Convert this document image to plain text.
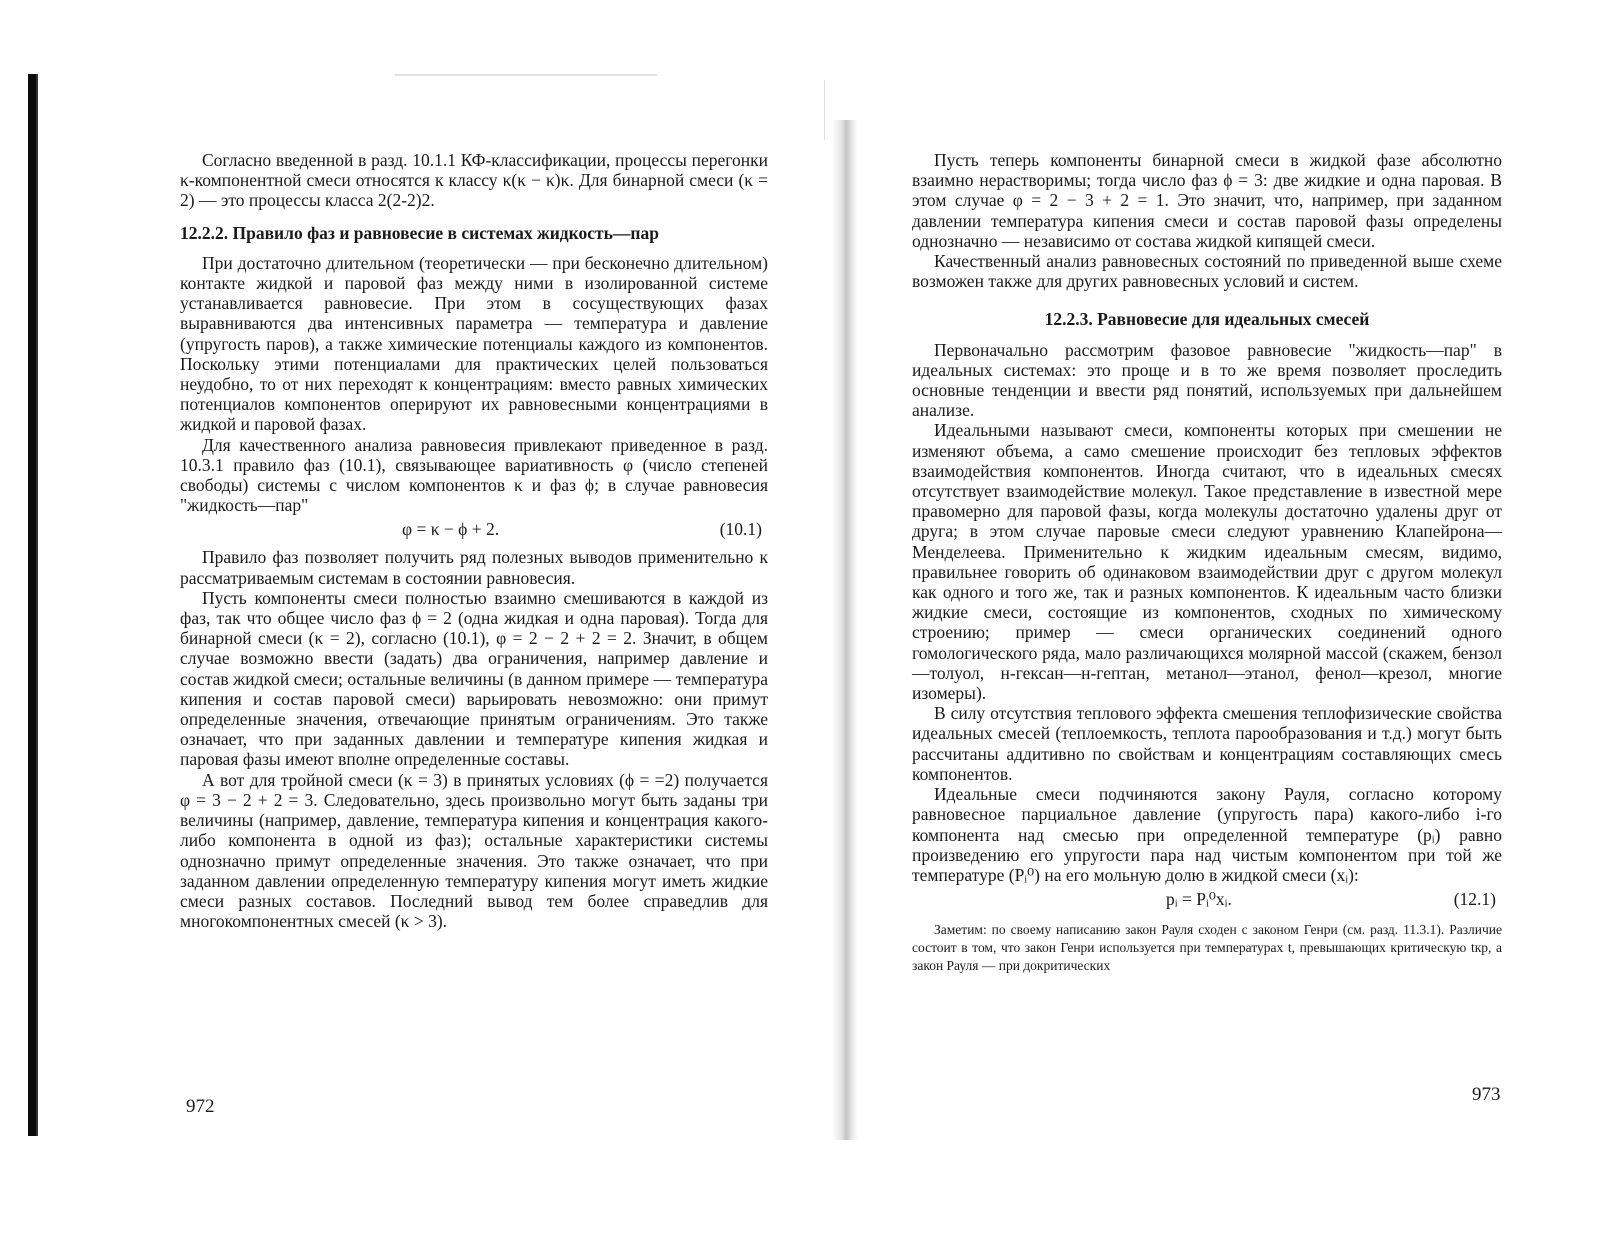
Согласно введенной в разд. 10.1.1 КФ-классификации, процессы перегонки κ-компонентной смеси относятся к классу κ(κ − κ)κ. Для бинарной смеси (κ = 2) — это процессы класса 2(2-2)2.

12.2.2. Правило фаз и равновесие в системах жидкость—пар

При достаточно длительном (теоретически — при бесконечно длительном) контакте жидкой и паровой фаз между ними в изолированной системе устанавливается равновесие. При этом в сосуществующих фазах выравниваются два интенсивных параметра — температура и давление (упругость паров), а также химические потенциалы каждого из компонентов. Поскольку этими потенциалами для практических целей пользоваться неудобно, то от них переходят к концентрациям: вместо равных химических потенциалов компонентов оперируют их равновесными концентрациями в жидкой и паровой фазах.

Для качественного анализа равновесия привлекают приведенное в разд. 10.3.1 правило фаз (10.1), связывающее вариативность φ (число степеней свободы) системы с числом компонентов κ и фаз ϕ; в случае равновесия "жидкость—пар"

φ = κ − ϕ + 2.	(10.1)

Правило фаз позволяет получить ряд полезных выводов применительно к рассматриваемым системам в состоянии равновесия.

Пусть компоненты смеси полностью взаимно смешиваются в каждой из фаз, так что общее число фаз ϕ = 2 (одна жидкая и одна паровая). Тогда для бинарной смеси (κ = 2), согласно (10.1), φ = 2 − 2 + 2 = 2. Значит, в общем случае возможно ввести (задать) два ограничения, например давление и состав жидкой смеси; остальные величины (в данном примере — температура кипения и состав паровой смеси) варьировать невозможно: они примут определенные значения, отвечающие принятым ограничениям. Это также означает, что при заданных давлении и температуре кипения жидкая и паровая фазы имеют вполне определенные составы.

А вот для тройной смеси (κ = 3) в принятых условиях (ϕ = =2) получается φ = 3 − 2 + 2 = 3. Следовательно, здесь произвольно могут быть заданы три величины (например, давление, температура кипения и концентрация какого-либо компонента в одной из фаз); остальные характеристики системы однозначно примут определенные значения. Это также означает, что при заданном давлении определенную температуру кипения могут иметь жидкие смеси разных составов. Последний вывод тем более справедлив для многокомпонентных смесей (κ > 3).

972

Пусть теперь компоненты бинарной смеси в жидкой фазе абсолютно взаимно нерастворимы; тогда число фаз ϕ = 3: две жидкие и одна паровая. В этом случае φ = 2 − 3 + 2 = 1. Это значит, что, например, при заданном давлении температура кипения смеси и состав паровой фазы определены однозначно — независимо от состава жидкой кипящей смеси.

Качественный анализ равновесных состояний по приведенной выше схеме возможен также для других равновесных условий и систем.

12.2.3. Равновесие для идеальных смесей

Первоначально рассмотрим фазовое равновесие "жидкость—пар" в идеальных системах: это проще и в то же время позволяет проследить основные тенденции и ввести ряд понятий, используемых при дальнейшем анализе.

Идеальными называют смеси, компоненты которых при смешении не изменяют объема, а само смешение происходит без тепловых эффектов взаимодействия компонентов. Иногда считают, что в идеальных смесях отсутствует взаимодействие молекул. Такое представление в известной мере правомерно для паровой фазы, когда молекулы достаточно удалены друг от друга; в этом случае паровые смеси следуют уравнению Клапейрона—Менделеева. Применительно к жидким идеальным смесям, видимо, правильнее говорить об одинаковом взаимодействии друг с другом молекул как одного и того же, так и разных компонентов. К идеальным часто близки жидкие смеси, состоящие из компонентов, сходных по химическому строению; пример — смеси органических соединений одного гомологического ряда, мало различающихся молярной массой (скажем, бензол—толуол, н-гексан—н-гептан, метанол—этанол, фенол—крезол, многие изомеры).

В силу отсутствия теплового эффекта смешения теплофизические свойства идеальных смесей (теплоемкость, теплота парообразования и т.д.) могут быть рассчитаны аддитивно по свойствам и концентрациям составляющих смесь компонентов.

Идеальные смеси подчиняются закону Рауля, согласно которому равновесное парциальное давление (упругость пара) какого-либо i-го компонента над смесью при определенной температуре (pᵢ) равно произведению его упругости пара над чистым компонентом при той же температуре (Pᵢ⁰) на его мольную долю в жидкой смеси (xᵢ):

pᵢ = Pᵢ⁰xᵢ.	(12.1)

Заметим: по своему написанию закон Рауля сходен с законом Генри (см. разд. 11.3.1). Различие состоит в том, что закон Генри используется при температурах t, превышающих критическую tкр, а закон Рауля — при докритических

973
